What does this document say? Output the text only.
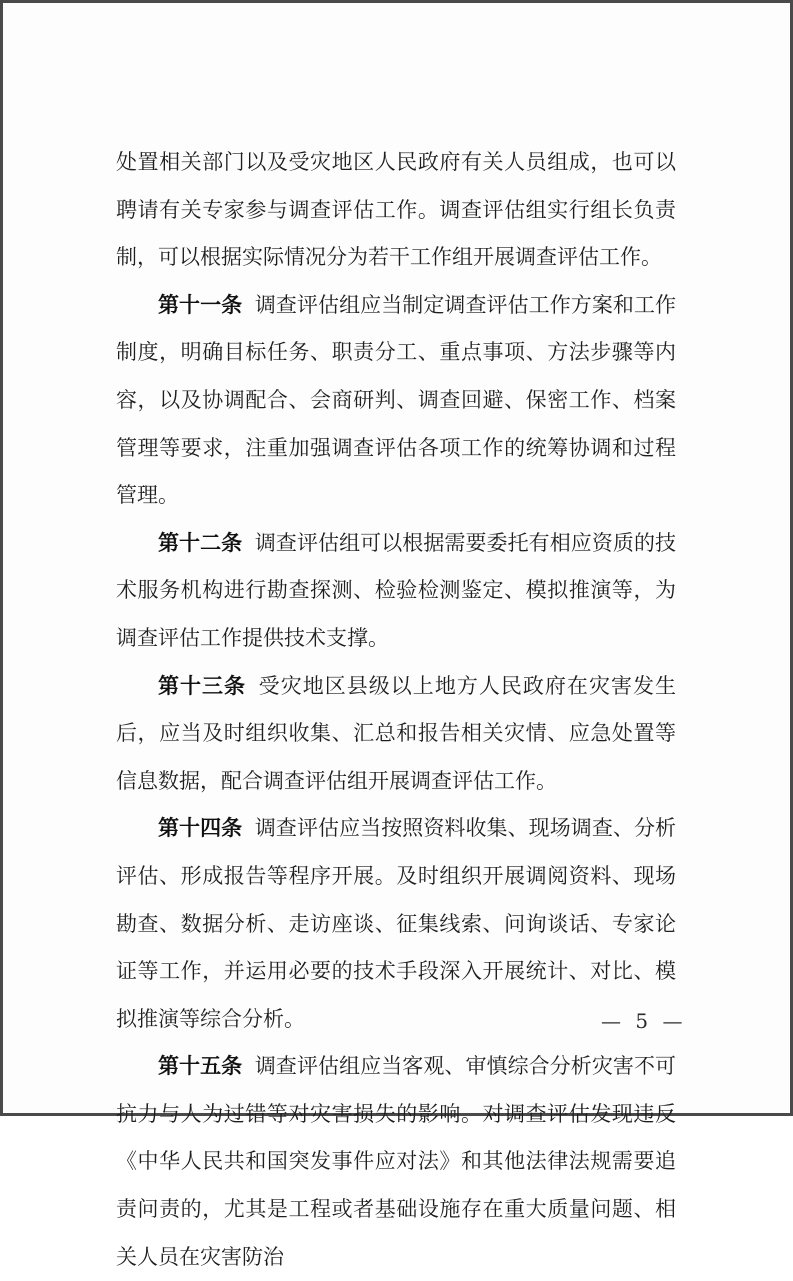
处置相关部门以及受灾地区人民政府有关人员组成，也可以聘请有关专家参与调查评估工作。调查评估组实行组长负责制，可以根据实际情况分为若干工作组开展调查评估工作。

第十一条 调查评估组应当制定调查评估工作方案和工作制度，明确目标任务、职责分工、重点事项、方法步骤等内容，以及协调配合、会商研判、调查回避、保密工作、档案管理等要求，注重加强调查评估各项工作的统筹协调和过程管理。

第十二条 调查评估组可以根据需要委托有相应资质的技术服务机构进行勘查探测、检验检测鉴定、模拟推演等，为调查评估工作提供技术支撑。

第十三条 受灾地区县级以上地方人民政府在灾害发生后，应当及时组织收集、汇总和报告相关灾情、应急处置等信息数据，配合调查评估组开展调查评估工作。

第十四条 调查评估应当按照资料收集、现场调查、分析评估、形成报告等程序开展。及时组织开展调阅资料、现场勘查、数据分析、走访座谈、征集线索、问询谈话、专家论证等工作，并运用必要的技术手段深入开展统计、对比、模拟推演等综合分析。

第十五条 调查评估组应当客观、审慎综合分析灾害不可抗力与人为过错等对灾害损失的影响。对调查评估发现违反《中华人民共和国突发事件应对法》和其他法律法规需要追责问责的，尤其是工程或者基础设施存在重大质量问题、相关人员在灾害防治

— 5 —
